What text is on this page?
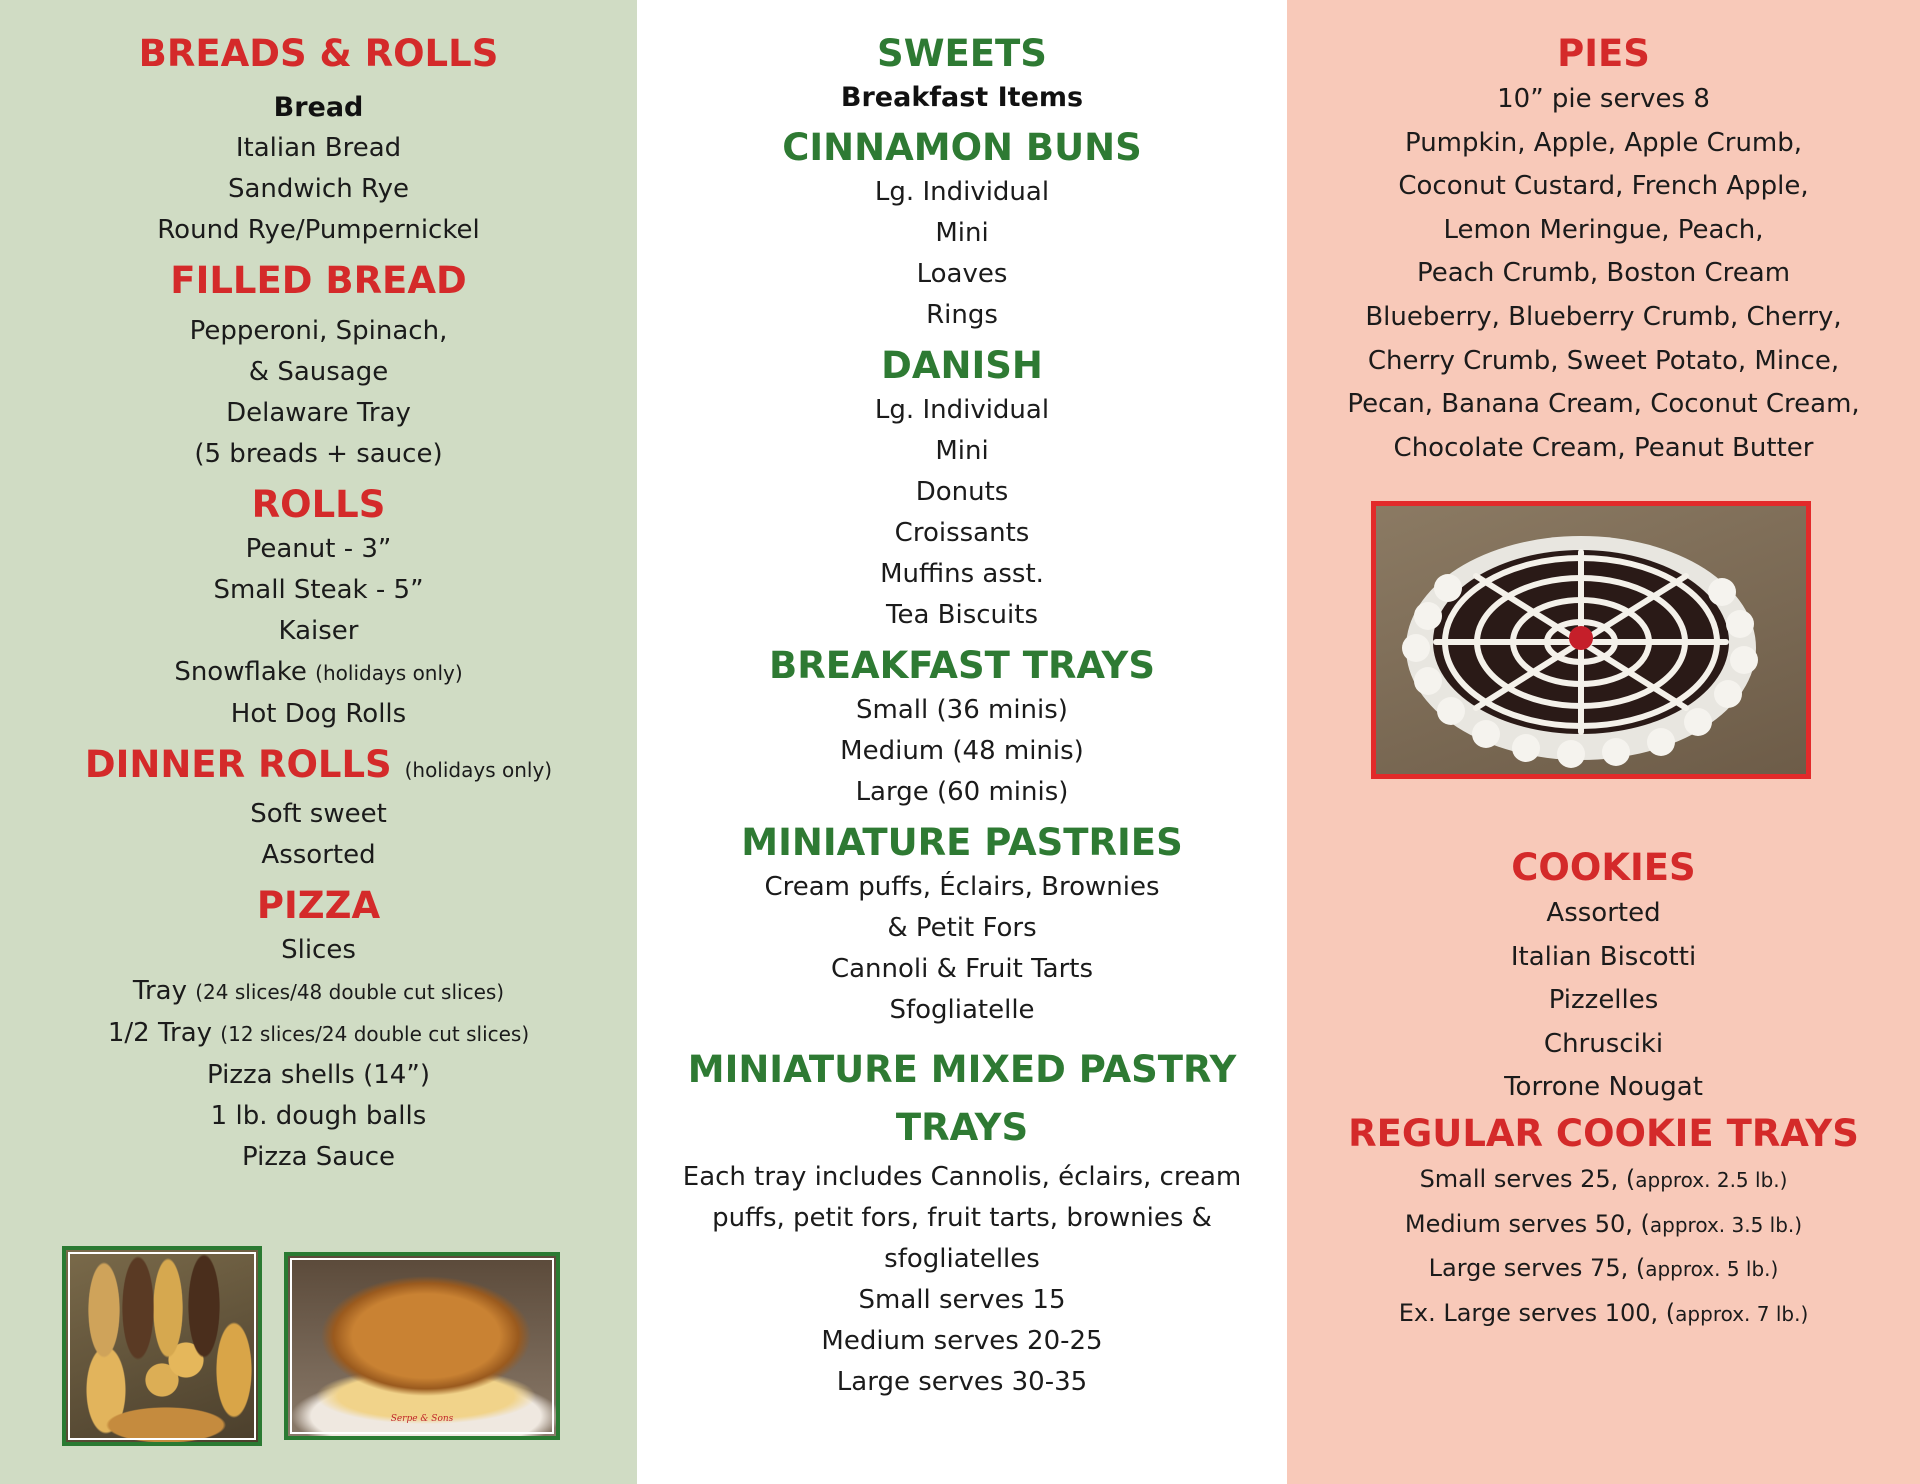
BREADS & ROLLS
Bread
Italian Bread
Sandwich Rye
Round Rye/Pumpernickel
FILLED BREAD
Pepperoni, Spinach,
& Sausage
Delaware Tray
(5 breads + sauce)
ROLLS
Peanut - 3”
Small Steak - 5”
Kaiser
Snowflake (holidays only)
Hot Dog Rolls
DINNER ROLLS (holidays only)
Soft sweet
Assorted
PIZZA
Slices
Tray (24 slices/48 double cut slices)
1/2 Tray (12 slices/24 double cut slices)
Pizza shells (14”)
1 lb. dough balls
Pizza Sauce
Serpe & Sons
SWEETS
Breakfast Items
CINNAMON BUNS
Lg. Individual
Mini
Loaves
Rings
DANISH
Lg. Individual
Mini
Donuts
Croissants
Muffins asst.
Tea Biscuits
BREAKFAST TRAYS
Small (36 minis)
Medium (48 minis)
Large (60 minis)
MINIATURE PASTRIES
Cream puffs, Éclairs, Brownies
& Petit Fors
Cannoli & Fruit Tarts
Sfogliatelle
MINIATURE MIXED PASTRY
TRAYS
Each tray includes Cannolis, éclairs, cream
puffs, petit fors, fruit tarts, brownies &
sfogliatelles
Small serves 15
Medium serves 20-25
Large serves 30-35
PIES
10” pie serves 8
Pumpkin, Apple, Apple Crumb,
Coconut Custard, French Apple,
Lemon Meringue, Peach,
Peach Crumb, Boston Cream
Blueberry, Blueberry Crumb, Cherry,
Cherry Crumb, Sweet Potato, Mince,
Pecan, Banana Cream, Coconut Cream,
Chocolate Cream, Peanut Butter
COOKIES
Assorted
Italian Biscotti
Pizzelles
Chrusciki
Torrone Nougat
REGULAR COOKIE TRAYS
Small serves 25, (approx. 2.5 lb.)
Medium serves 50, (approx. 3.5 lb.)
Large serves 75, (approx. 5 lb.)
Ex. Large serves 100, (approx. 7 lb.)
